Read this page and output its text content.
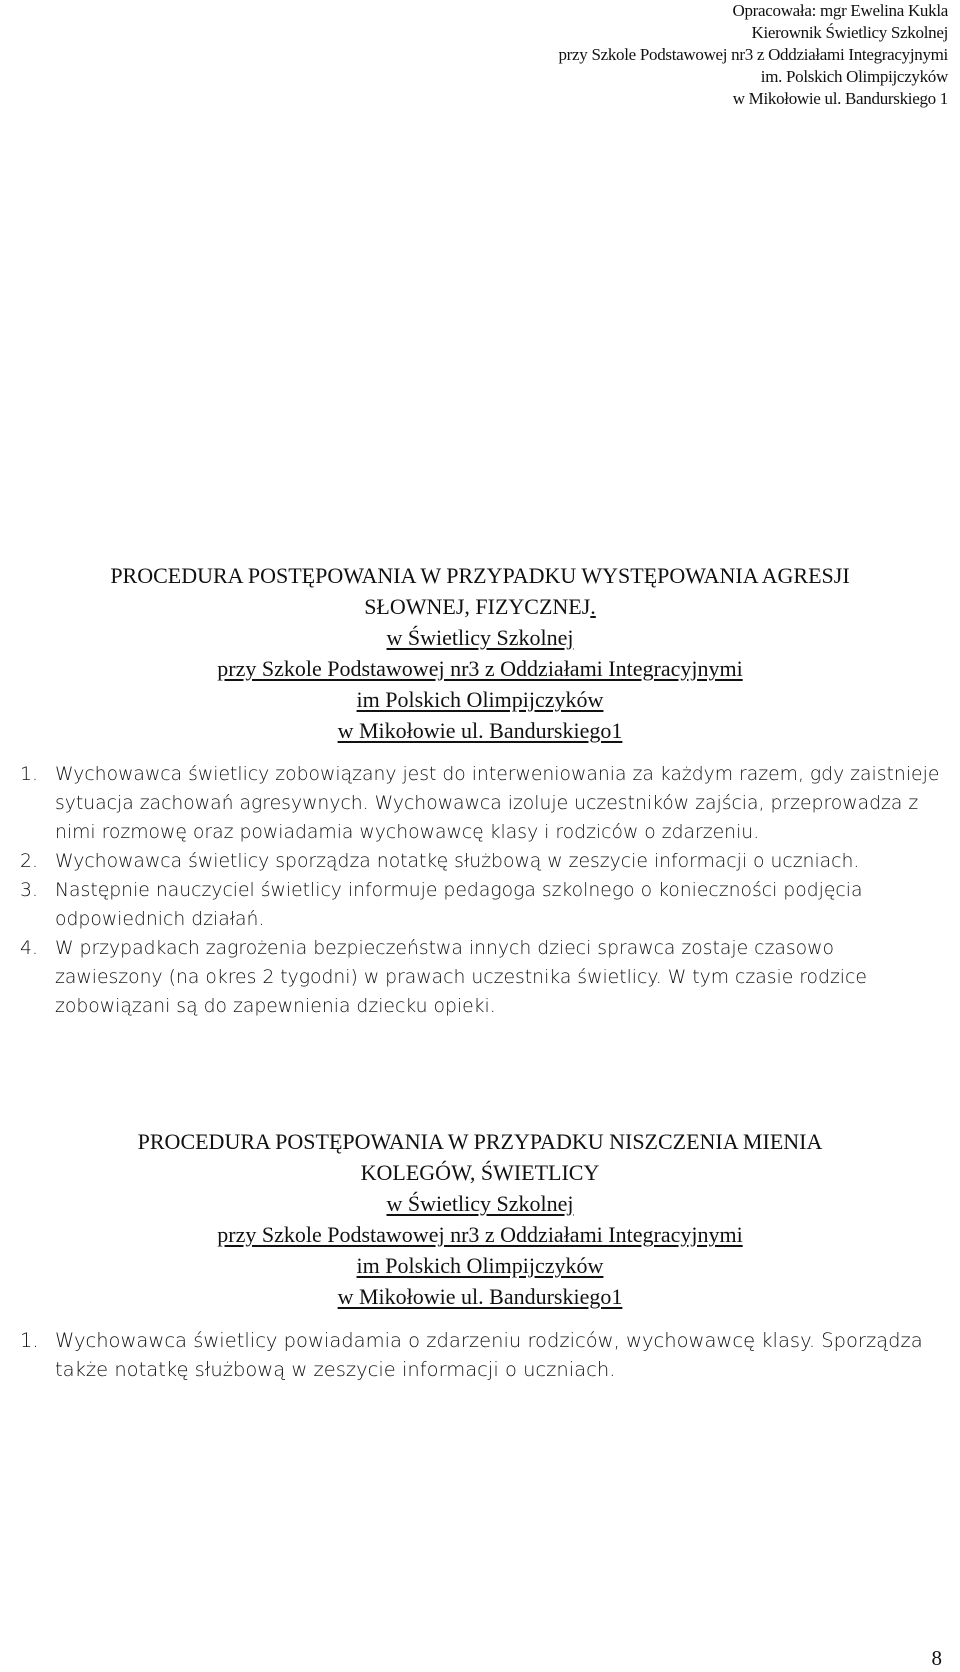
Opracowała: mgr Ewelina Kukla
Kierownik Świetlicy Szkolnej
przy Szkole Podstawowej nr3 z Oddziałami Integracyjnymi
im. Polskich Olimpijczyków
w Mikołowie ul. Bandurskiego 1
PROCEDURA POSTĘPOWANIA W PRZYPADKU WYSTĘPOWANIA AGRESJI
SŁOWNEJ, FIZYCZNEJ.
w Świetlicy Szkolnej
przy Szkole Podstawowej nr3 z Oddziałami Integracyjnymi
im Polskich Olimpijczyków
w Mikołowie ul. Bandurskiego1
1. Wychowawca świetlicy zobowiązany jest do interweniowania za każdym razem, gdy zaistnieje sytuacja zachowań agresywnych. Wychowawca izoluje uczestników zajścia, przeprowadza z nimi rozmowę oraz powiadamia wychowawcę klasy i rodziców o zdarzeniu.
2. Wychowawca świetlicy sporządza notatkę służbową w zeszycie informacji o uczniach.
3. Następnie nauczyciel świetlicy informuje pedagoga szkolnego o konieczności podjęcia odpowiednich działań.
4. W przypadkach zagrożenia bezpieczeństwa innych dzieci sprawca zostaje czasowo zawieszony (na okres 2 tygodni) w prawach uczestnika świetlicy. W tym czasie rodzice zobowiązani są do zapewnienia dziecku opieki.
PROCEDURA POSTĘPOWANIA W PRZYPADKU NISZCZENIA MIENIA
KOLEGÓW, ŚWIETLICY
w Świetlicy Szkolnej
przy Szkole Podstawowej nr3 z Oddziałami Integracyjnymi
im Polskich Olimpijczyków
w Mikołowie ul. Bandurskiego1
1. Wychowawca świetlicy powiadamia o zdarzeniu rodziców, wychowawcę klasy. Sporządza także notatkę służbową w zeszycie informacji o uczniach.
8
